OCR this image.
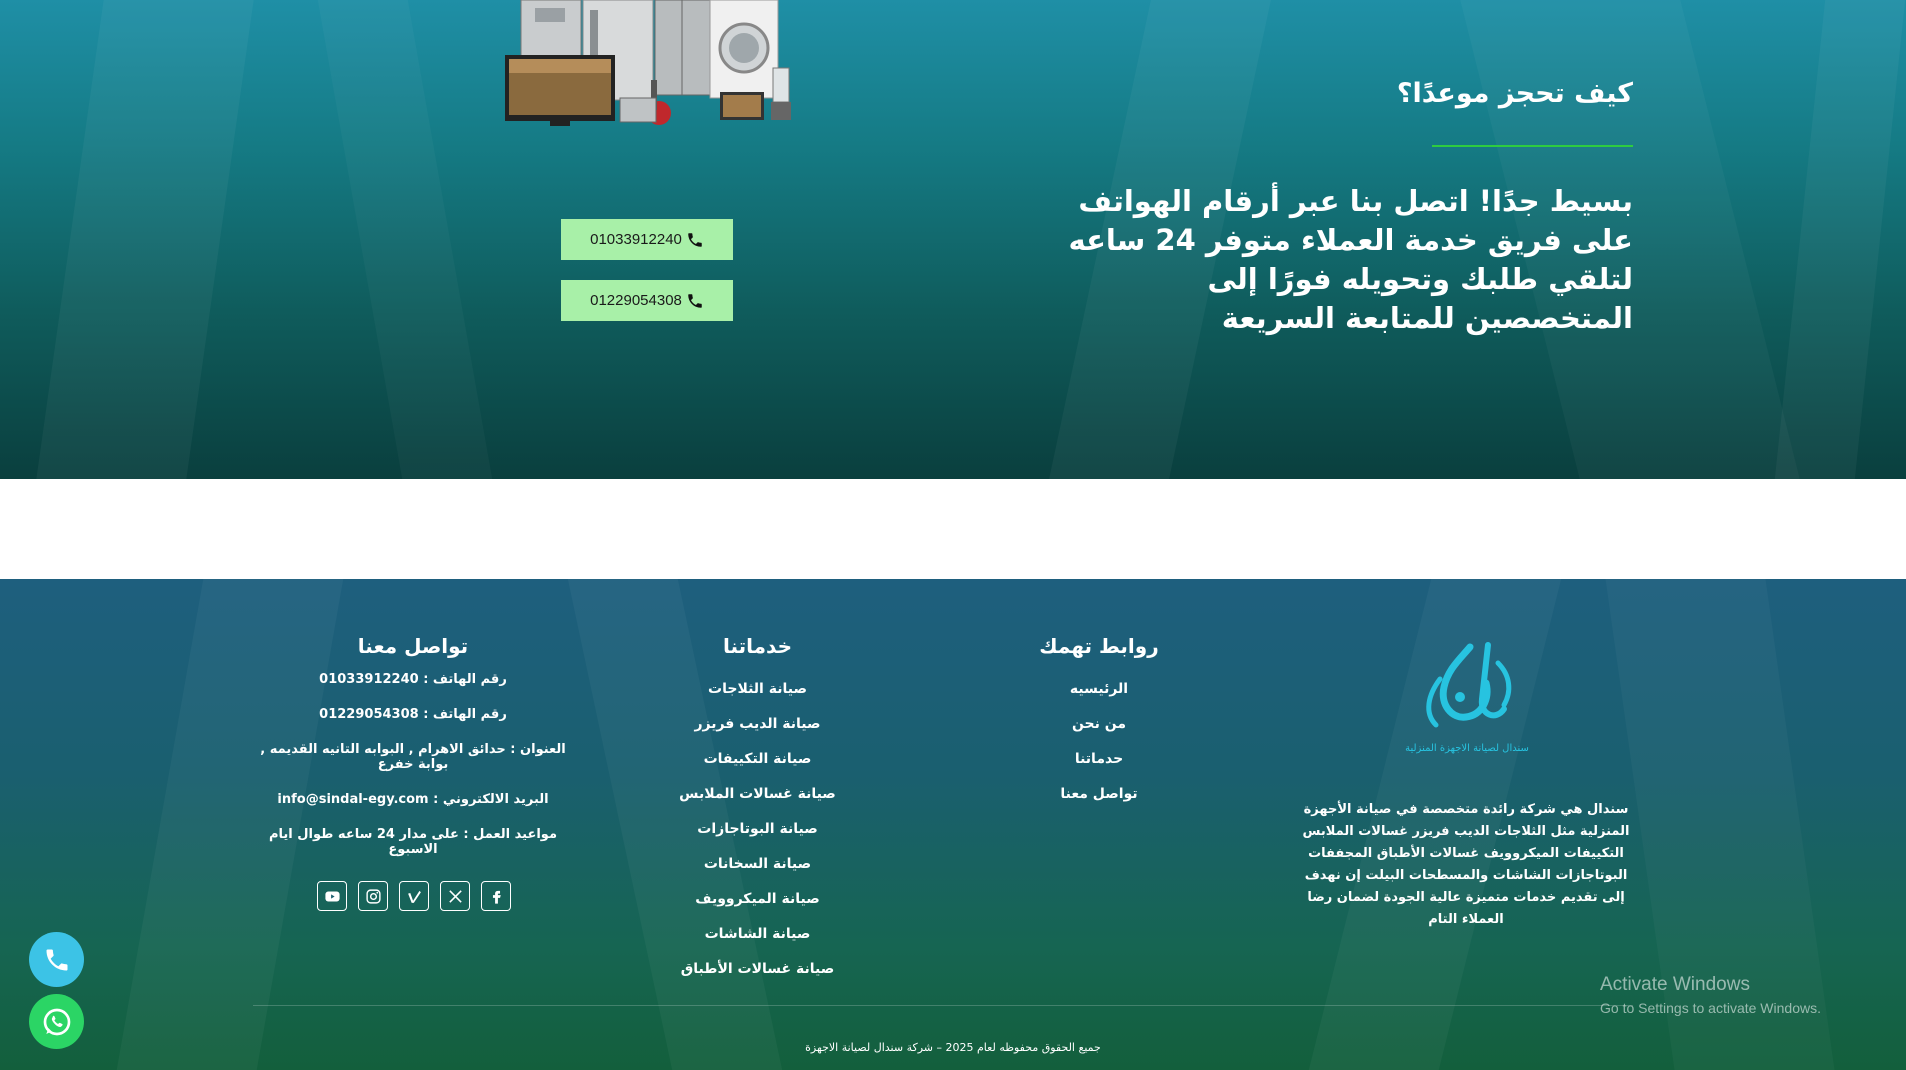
كيف تحجز موعدًا؟

بسيط جدًا! اتصل بنا عبر أرقام الهواتف على فريق خدمة العملاء متوفر 24 ساعه لتلقي طلبك وتحويله فورًا إلى المتخصصين للمتابعة السريعة

01033912240
01229054308
سندال لصيانة الاجهزة المنزلية

سندال هي شركة رائدة متخصصة في صيانة الأجهزة المنزلية مثل الثلاجات الديب فريزر غسالات الملابس التكييفات الميكروويف غسالات الأطباق المجففات البوتاجازات الشاشات والمسطحات البيلت إن نهدف إلى تقديم خدمات متميزة عالية الجودة لضمان رضا العملاء التام

روابط تهمك
الرئيسيه
من نحن
حدماتنا
تواصل معنا
خدماتنا
صيانة الثلاجات
صيانة الديب فريزر
صيانة التكييفات
صيانة غسالات الملابس
صيانة البوتاجازات
صيانة السخانات
صيانة الميكروويف
صيانة الشاشات
صيانة غسالات الأطباق
تواصل معنا
رقم الهاتف : 01033912240
رقم الهاتف : 01229054308
العنوان : حدائق الاهرام , البوابه التانيه القديمه , بوابة خفرع
البريد الالكتروني : info@sindal-egy.com
مواعيد العمل : على مدار 24 ساعه طوال ايام الاسبوع
جميع الحقوق محفوظه لعام 2025 – شركة سندال لصيانة الاجهزة
Activate Windows
Go to Settings to activate Windows.
